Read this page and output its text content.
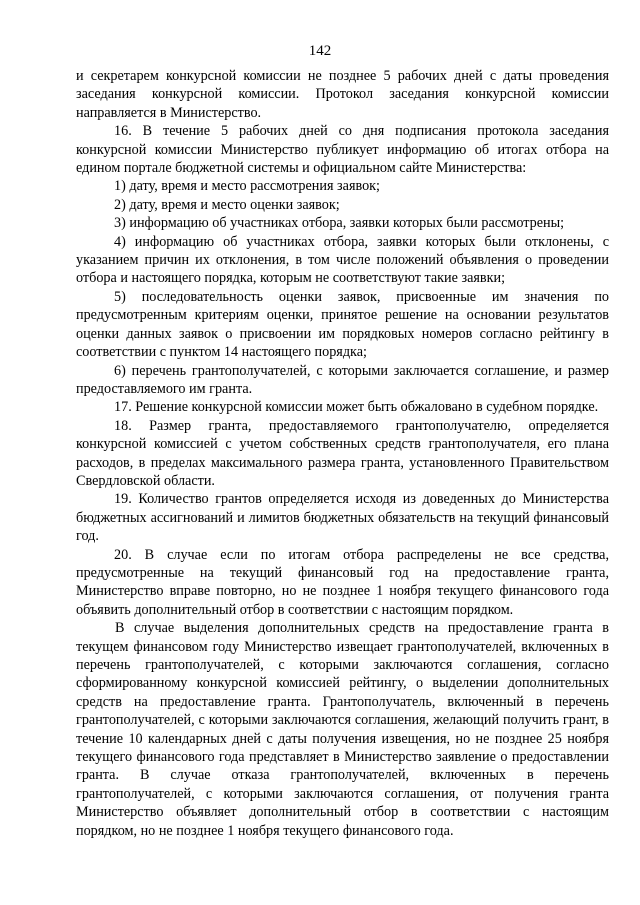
142

и секретарем конкурсной комиссии не позднее 5 рабочих дней с даты проведения заседания конкурсной комиссии. Протокол заседания конкурсной комиссии направляется в Министерство.

16. В течение 5 рабочих дней со дня подписания протокола заседания конкурсной комиссии Министерство публикует информацию об итогах отбора на едином портале бюджетной системы и официальном сайте Министерства:

1) дату, время и место рассмотрения заявок;

2) дату, время и место оценки заявок;

3) информацию об участниках отбора, заявки которых были рассмотрены;

4) информацию об участниках отбора, заявки которых были отклонены, с указанием причин их отклонения, в том числе положений объявления о проведении отбора и настоящего порядка, которым не соответствуют такие заявки;

5) последовательность оценки заявок, присвоенные им значения по предусмотренным критериям оценки, принятое решение на основании результатов оценки данных заявок о присвоении им порядковых номеров согласно рейтингу в соответствии с пунктом 14 настоящего порядка;

6) перечень грантополучателей, с которыми заключается соглашение, и размер предоставляемого им гранта.

17. Решение конкурсной комиссии может быть обжаловано в судебном порядке.

18. Размер гранта, предоставляемого грантополучателю, определяется конкурсной комиссией с учетом собственных средств грантополучателя, его плана расходов, в пределах максимального размера гранта, установленного Правительством Свердловской области.

19. Количество грантов определяется исходя из доведенных до Министерства бюджетных ассигнований и лимитов бюджетных обязательств на текущий финансовый год.

20. В случае если по итогам отбора распределены не все средства, предусмотренные на текущий финансовый год на предоставление гранта, Министерство вправе повторно, но не позднее 1 ноября текущего финансового года объявить дополнительный отбор в соответствии с настоящим порядком.

В случае выделения дополнительных средств на предоставление гранта в текущем финансовом году Министерство извещает грантополучателей, включенных в перечень грантополучателей, с которыми заключаются соглашения, согласно сформированному конкурсной комиссией рейтингу, о выделении дополнительных средств на предоставление гранта. Грантополучатель, включенный в перечень грантополучателей, с которыми заключаются соглашения, желающий получить грант, в течение 10 календарных дней с даты получения извещения, но не позднее 25 ноября текущего финансового года представляет в Министерство заявление о предоставлении гранта. В случае отказа грантополучателей, включенных в перечень грантополучателей, с которыми заключаются соглашения, от получения гранта Министерство объявляет дополнительный отбор в соответствии с настоящим порядком, но не позднее 1 ноября текущего финансового года.
